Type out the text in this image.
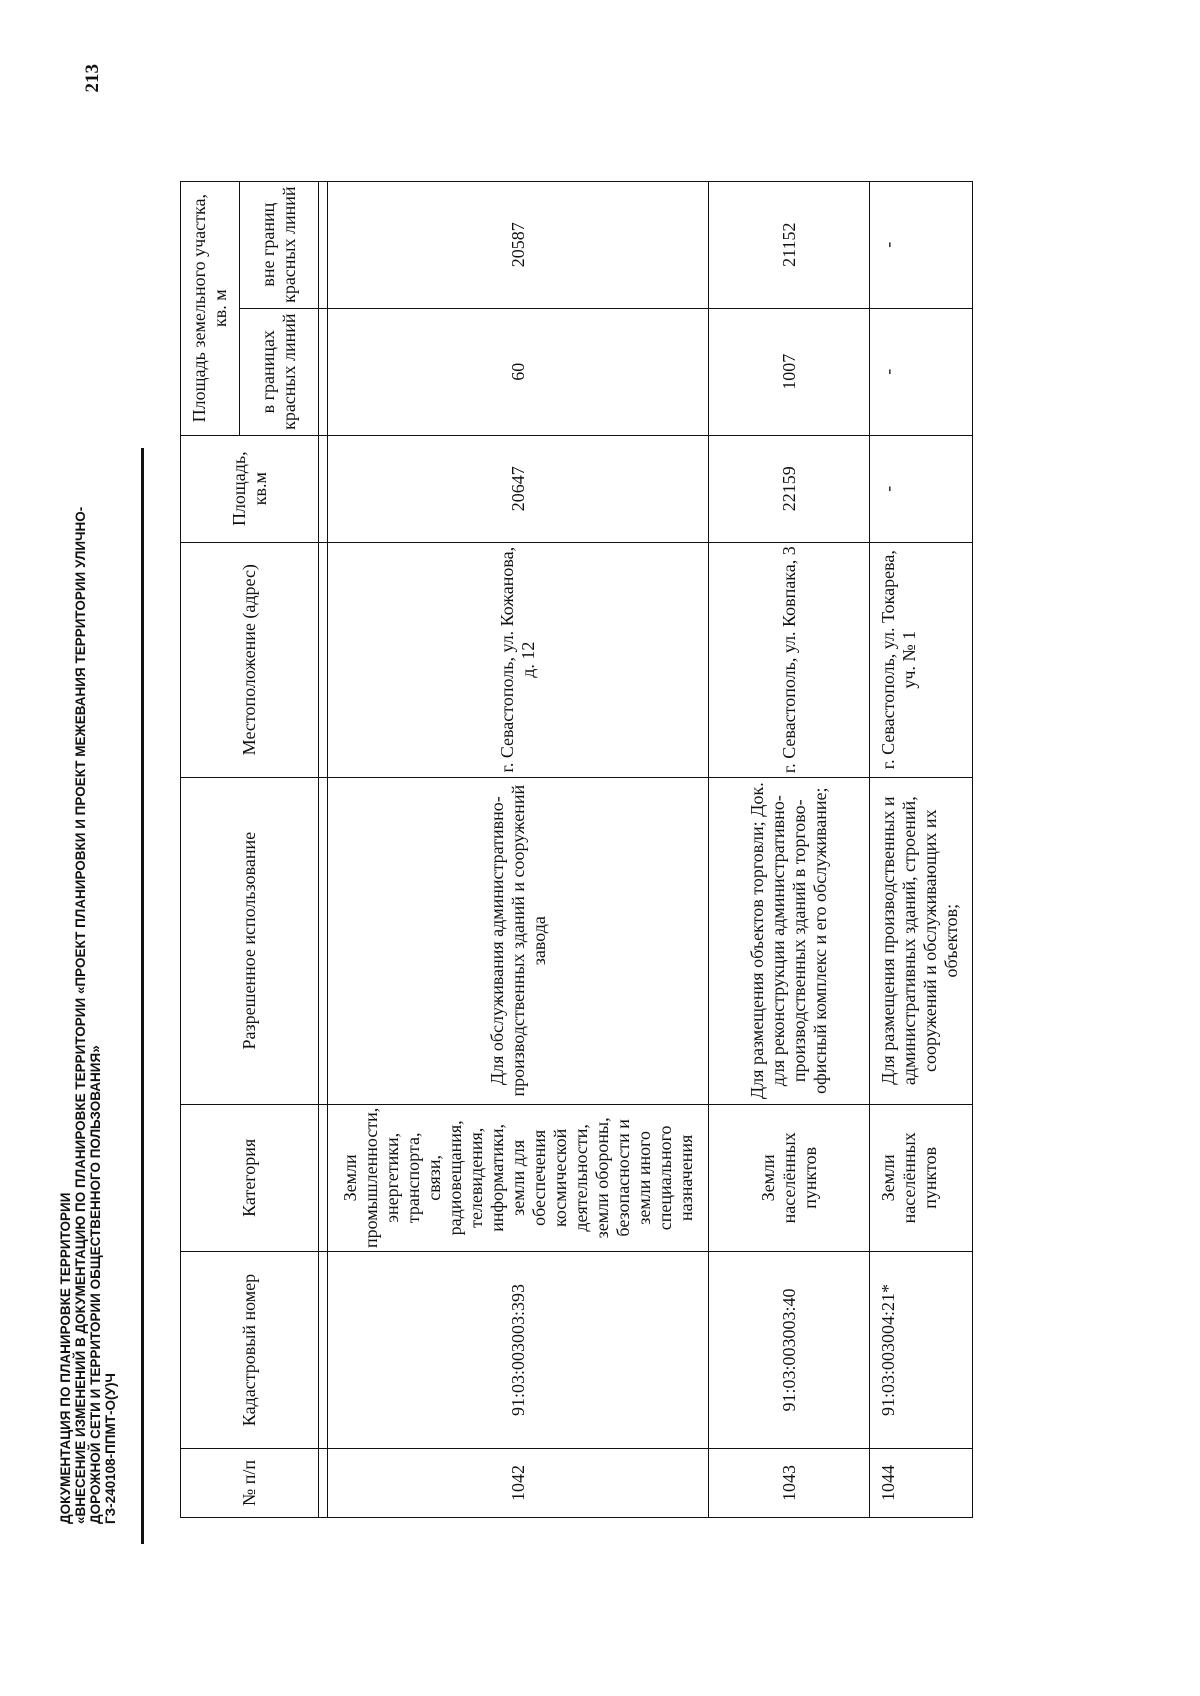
ДОКУМЕНТАЦИЯ ПО ПЛАНИРОВКЕ ТЕРРИТОРИИ «ВНЕСЕНИЕ ИЗМЕНЕНИЙ В ДОКУМЕНТАЦИЮ ПО ПЛАНИРОВКЕ ТЕРРИТОРИИ «ПРОЕКТ ПЛАНИРОВКИ И ПРОЕКТ МЕЖЕВАНИЯ ТЕРРИТОРИИ УЛИЧНО- ДОРОЖНОЙ СЕТИ И ТЕРРИТОРИИ ОБЩЕСТВЕННОГО ПОЛЬЗОВАНИЯ» ГЗ-240108-ППМТ-О(У)Ч
213
№ п/п	Кадастровый номер	Категория	Разрешенное использование	Местоположение (адрес)	Площадь, кв.м	Площадь земельного участка, кв. м	
						в границах красных линий	вне границ красных линий

1042	91:03:003003:393	Земли промышленности, энергетики, транспорта, связи, радиовещания, телевидения, информатики, земли для обеспечения космической деятельности, земли обороны, безопасности и земли иного специального назначения	Для обслуживания административно-производственных зданий и сооружений завода	г. Севастополь, ул. Кожанова, д. 12	20647	60	20587
1043	91:03:003003:40	Земли населённых пунктов	Для размещения объектов торговли; Док. для реконструкции административно-производственных зданий в торгово-офисный комплекс и его обслуживание;	г. Севастополь, ул. Ковпака, 3	22159	1007	21152
1044	91:03:003004:21*	Земли населённых пунктов	Для размещения производственных и административных зданий, строений, сооружений и обслуживающих их объектов;	г. Севастополь, ул. Токарева, уч. № 1	-	-	-
